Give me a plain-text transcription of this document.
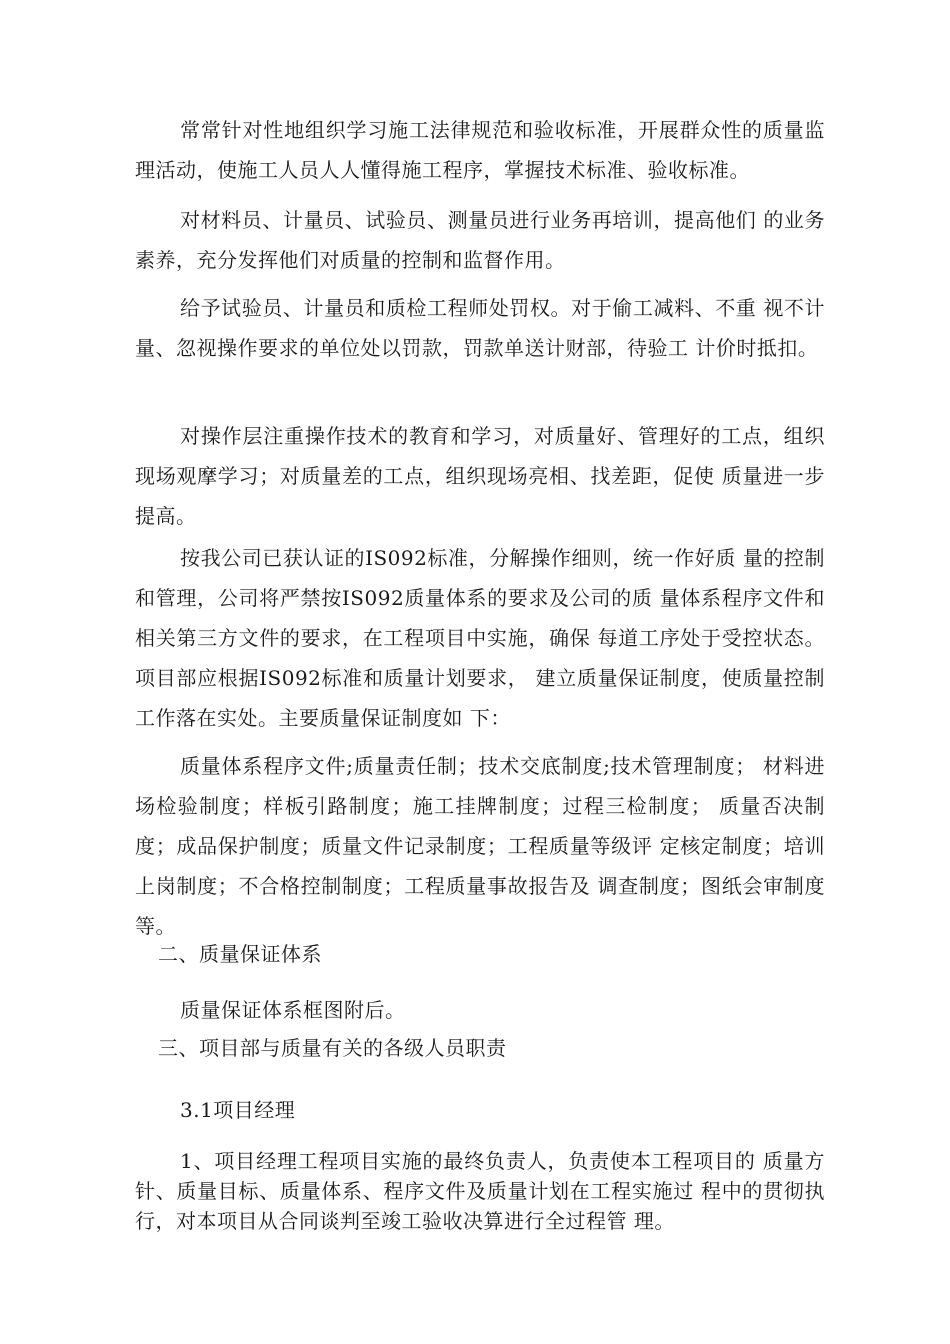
常常针对性地组织学习施工法律规范和验收标准，开展群众性的质量监理活动，使施工人员人人懂得施工程序，掌握技术标准、验收标准。

对材料员、计量员、试验员、测量员进行业务再培训，提高他们 的业务素养，充分发挥他们对质量的控制和监督作用。

给予试验员、计量员和质检工程师处罚权。对于偷工减料、不重 视不计量、忽视操作要求的单位处以罚款，罚款单送计财部，待验工 计价时抵扣。

对操作层注重操作技术的教育和学习，对质量好、管理好的工点，组织现场观摩学习；对质量差的工点，组织现场亮相、找差距，促使 质量进一步提高。

按我公司已获认证的IS092标准，分解操作细则，统一作好质 量的控制和管理，公司将严禁按IS092质量体系的要求及公司的质 量体系程序文件和相关第三方文件的要求，在工程项目中实施，确保 每道工序处于受控状态。项目部应根据IS092标准和质量计划要求， 建立质量保证制度，使质量控制工作落在实处。主要质量保证制度如 下：

质量体系程序文件;质量责任制；技术交底制度;技术管理制度； 材料进场检验制度；样板引路制度；施工挂牌制度；过程三检制度； 质量否决制度；成品保护制度；质量文件记录制度；工程质量等级评 定核定制度；培训上岗制度；不合格控制制度；工程质量事故报告及 调查制度；图纸会审制度等。

二、质量保证体系

质量保证体系框图附后。

三、项目部与质量有关的各级人员职责

3.1项目经理

1、项目经理工程项目实施的最终负责人，负责使本工程项目的 质量方针、质量目标、质量体系、程序文件及质量计划在工程实施过 程中的贯彻执行，对本项目从合同谈判至竣工验收决算进行全过程管 理。
